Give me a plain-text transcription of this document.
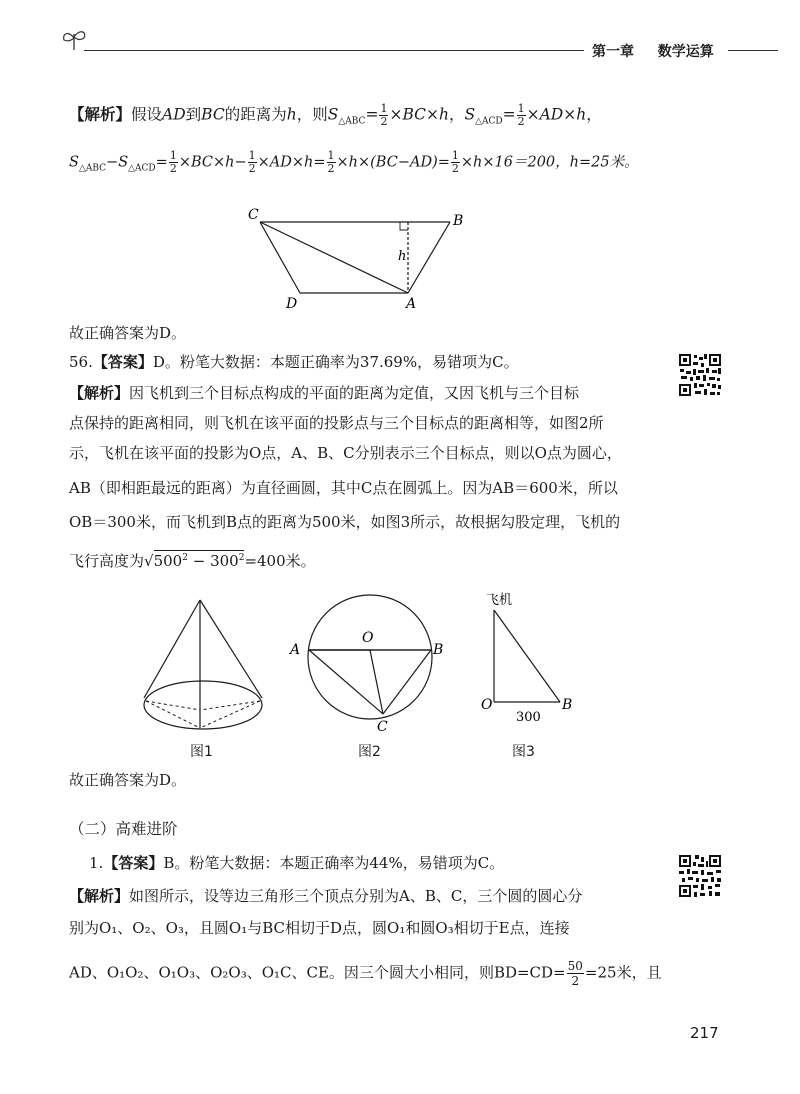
第一章 数学运算
【解析】假设AD到BC的距离为h，则$S_{\triangle ABC}= \frac{1}{2} \times BC\times h$，$S_{\triangle ACD}= \frac{1}{2} \times AD\times h$，
$S_{\triangle ABC}-S_{\triangle ACD}= \frac{1}{2} \times BC\times h- \frac{1}{2} \times AD\times h= \frac{1}{2} \times h\times(BC-AD)= \frac{1}{2} \times h\times 16=200$，h=25米。
C	B
D	A
h
故正确答案为D。
56.【答案】D。粉笔大数据：本题正确率为37.69%，易错项为C。
【解析】因飞机到三个目标点构成的平面的距离为定值，又因飞机与三个目标
点保持的距离相同，则飞机在该平面的投影点与三个目标点的距离相等，如图2所
示，飞机在该平面的投影为O点，A、B、C分别表示三个目标点，则以O点为圆心，
AB（即相距最远的距离）为直径画圆，其中C点在圆弧上。因为AB＝600米，所以
OB＝300米，而飞机到B点的距离为500米，如图3所示，故根据勾股定理，飞机的
飞行高度为$√500^2 - 300^2=400$米。
图1
O
A	B
C
图2
飞机
O	B
300
图3
故正确答案为D。
（二）高难进阶
1.【答案】B。粉笔大数据：本题正确率为44%，易错项为C。
【解析】如图所示，设等边三角形三个顶点分别为A、B、C，三个圆的圆心分
别为O₁、O₂、O₃，且圆O₁与BC相切于D点，圆O₁和圆O₃相切于E点，连接
AD、O₁O₂、O₁O₃、O₂O₃、O₁C、CE。因三个圆大小相同，则$BD=CD= \frac{50}{2} =25$米，且
217
